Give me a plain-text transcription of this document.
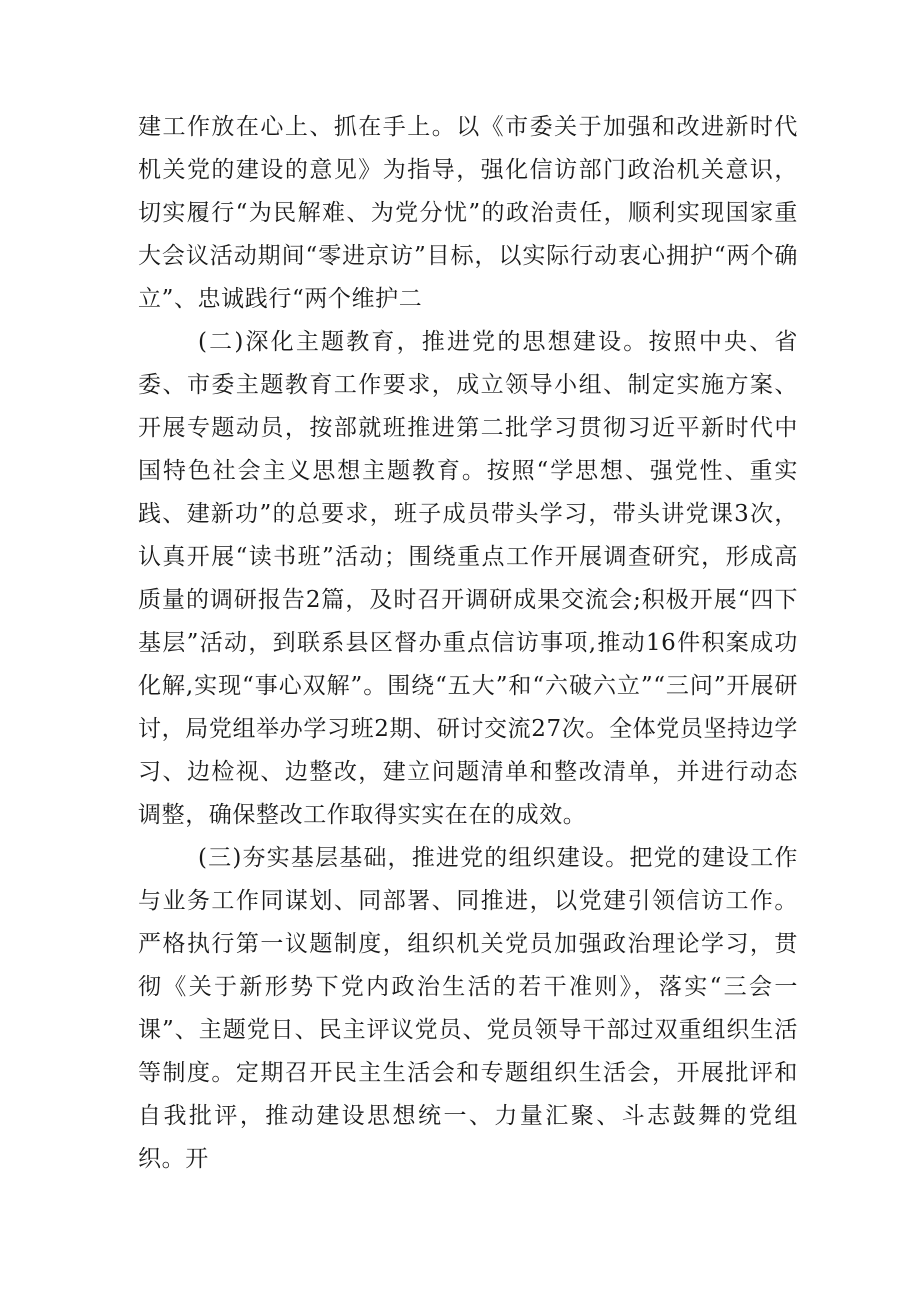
建工作放在心上、抓在手上。以《市委关于加强和改进新时代机关党的建设的意见》为指导，强化信访部门政治机关意识，切实履行“为民解难、为党分忧”的政治责任，顺利实现国家重大会议活动期间“零进京访”目标，以实际行动衷心拥护“两个确立”、忠诚践行“两个维护二

(二)深化主题教育，推进党的思想建设。按照中央、省委、市委主题教育工作要求，成立领导小组、制定实施方案、开展专题动员，按部就班推进第二批学习贯彻习近平新时代中国特色社会主义思想主题教育。按照“学思想、强党性、重实践、建新功”的总要求，班子成员带头学习，带头讲党课3次，认真开展“读书班”活动；围绕重点工作开展调查研究，形成高质量的调研报告2篇，及时召开调研成果交流会;积极开展“四下基层”活动，到联系县区督办重点信访事项,推动16件积案成功化解,实现“事心双解”。围绕“五大”和“六破六立”“三问”开展研讨，局党组举办学习班2期、研讨交流27次。全体党员坚持边学习、边检视、边整改，建立问题清单和整改清单，并进行动态调整，确保整改工作取得实实在在的成效。

(三)夯实基层基础，推进党的组织建设。把党的建设工作与业务工作同谋划、同部署、同推进，以党建引领信访工作。严格执行第一议题制度，组织机关党员加强政治理论学习，贯彻《关于新形势下党内政治生活的若干准则》，落实“三会一课”、主题党日、民主评议党员、党员领导干部过双重组织生活等制度。定期召开民主生活会和专题组织生活会，开展批评和自我批评，推动建设思想统一、力量汇聚、斗志鼓舞的党组织。开
